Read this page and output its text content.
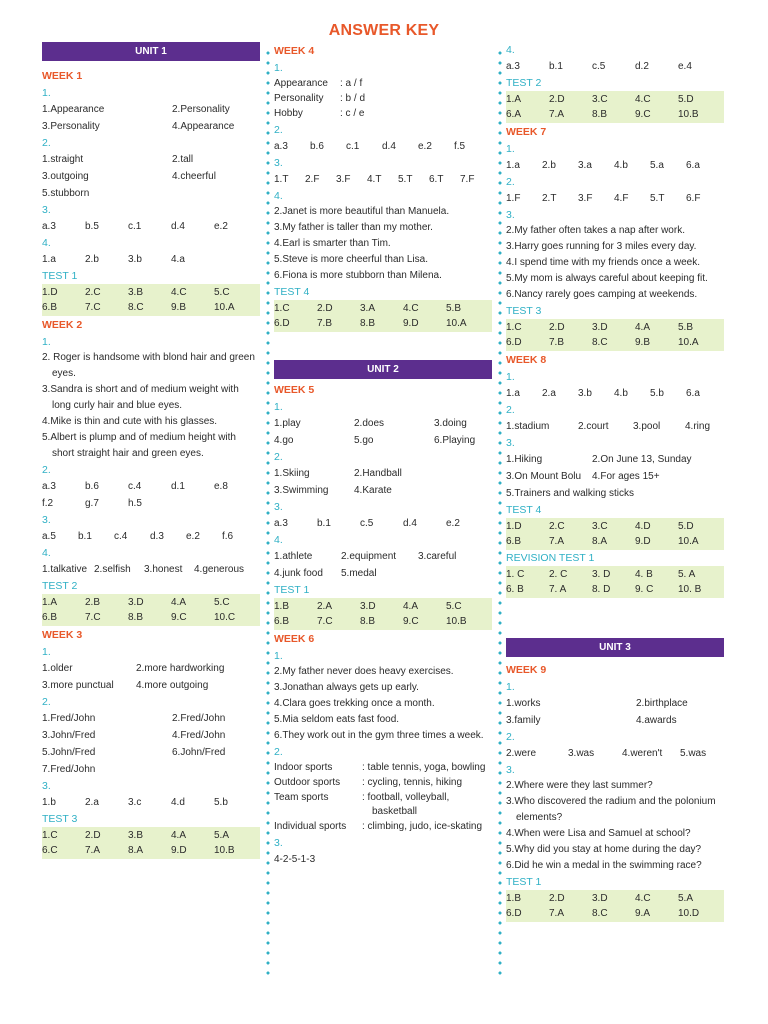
ANSWER KEY
UNIT 1
WEEK 1
1.
1.Appearance	2.Personality
3.Personality	4.Appearance
2.
1.straight	2.tall
3.outgoing	4.cheerful
5.stubborn
3.
a.3	b.5	c.1	d.4	e.2
4.
1.a	2.b	3.b	4.a
TEST 1
1.D	2.C	3.B	4.C	5.C
6.B	7.C	8.C	9.B	10.A
WEEK 2
1.
2. Roger is handsome with blond hair and green eyes.
3.Sandra is short and of medium weight with long curly hair and blue eyes.
4.Mike is thin and cute with his glasses.
5.Albert is plump and of medium height with short straight hair and green eyes.
2.
a.3	b.6	c.4	d.1	e.8
f.2	g.7	h.5
3.
a.5	b.1	c.4	d.3	e.2	f.6
4.
1.talkative 2.selfish	3.honest	4.generous
TEST 2
1.A	2.B	3.D	4.A	5.C
6.B	7.C	8.B	9.C	10.C
WEEK 3
1.
1.older	2.more hardworking
3.more punctual	4.more outgoing
2.
1.Fred/John	2.Fred/John
3.John/Fred	4.Fred/John
5.John/Fred	6.John/Fred
7.Fred/John
3.
1.b	2.a	3.c	4.d	5.b
TEST 3
1.C	2.D	3.B	4.A	5.A
6.C	7.A	8.A	9.D	10.B
WEEK 4
1.
Appearance	: a / f
Personality	: b / d
Hobby	: c / e
2.
a.3	b.6	c.1	d.4	e.2	f.5
3.
1.T	2.F	3.F	4.T	5.T	6.T	7.F
4.
2.Janet is more beautiful than Manuela.
3.My father is taller than my mother.
4.Earl is smarter than Tim.
5.Steve is more cheerful than Lisa.
6.Fiona is more stubborn than Milena.
TEST 4
1.C	2.D	3.A	4.C	5.B
6.D	7.B	8.B	9.D	10.A
UNIT 2
WEEK 5
1.
1.play	2.does	3.doing
4.go	5.go	6.Playing
2.
1.Skiing	2.Handball
3.Swimming	4.Karate
3.
a.3	b.1	c.5	d.4	e.2
4.
1.athlete	2.equipment	3.careful
4.junk food	5.medal
TEST 1
1.B	2.A	3.D	4.A	5.C
6.B	7.C	8.B	9.C	10.B
WEEK 6
1.
2.My father never does heavy exercises.
3.Jonathan always gets up early.
4.Clara goes trekking once a month.
5.Mia seldom eats fast food.
6.They work out in the gym three times a week.
2.
Indoor sports	: table tennis, yoga, bowling
Outdoor sports	: cycling, tennis, hiking
Team sports	: football, volleyball, basketball
Individual sports	: climbing, judo, ice-skating
3.
4-2-5-1-3
4.
a.3	b.1	c.5	d.2	e.4
TEST 2
1.A	2.D	3.C	4.C	5.D
6.A	7.A	8.B	9.C	10.B
WEEK 7
1.
1.a	2.b	3.a	4.b	5.a	6.a
2.
1.F	2.T	3.F	4.F	5.T	6.F
3.
2.My father often takes a nap after work.
3.Harry goes running for 3 miles every day.
4.I spend time with my friends once a week.
5.My mom is always careful about keeping fit.
6.Nancy rarely goes camping at weekends.
TEST 3
1.C	2.D	3.D	4.A	5.B
6.D	7.B	8.C	9.B	10.A
WEEK 8
1.
1.a	2.a	3.b	4.b	5.b	6.a
2.
1.stadium	2.court	3.pool	4.ring
3.
1.Hiking	2.On June 13, Sunday
3.On Mount Bolu	4.For ages 15+
5.Trainers and walking sticks
TEST 4
1.D	2.C	3.C	4.D	5.D
6.B	7.A	8.A	9.D	10.A
REVISION TEST 1
1. C	2. C	3. D	4. B	5. A
6. B	7. A	8. D	9. C	10. B
UNIT 3
WEEK 9
1.
1.works	2.birthplace
3.family	4.awards
2.
2.were	3.was	4.weren't	5.was
3.
2.Where were they last summer?
3.Who discovered the radium and the polonium elements?
4.When were Lisa and Samuel at school?
5.Why did you stay at home during the day?
6.Did he win a medal in the swimming race?
TEST 1
1.B	2.D	3.D	4.C	5.A
6.D	7.A	8.C	9.A	10.D
